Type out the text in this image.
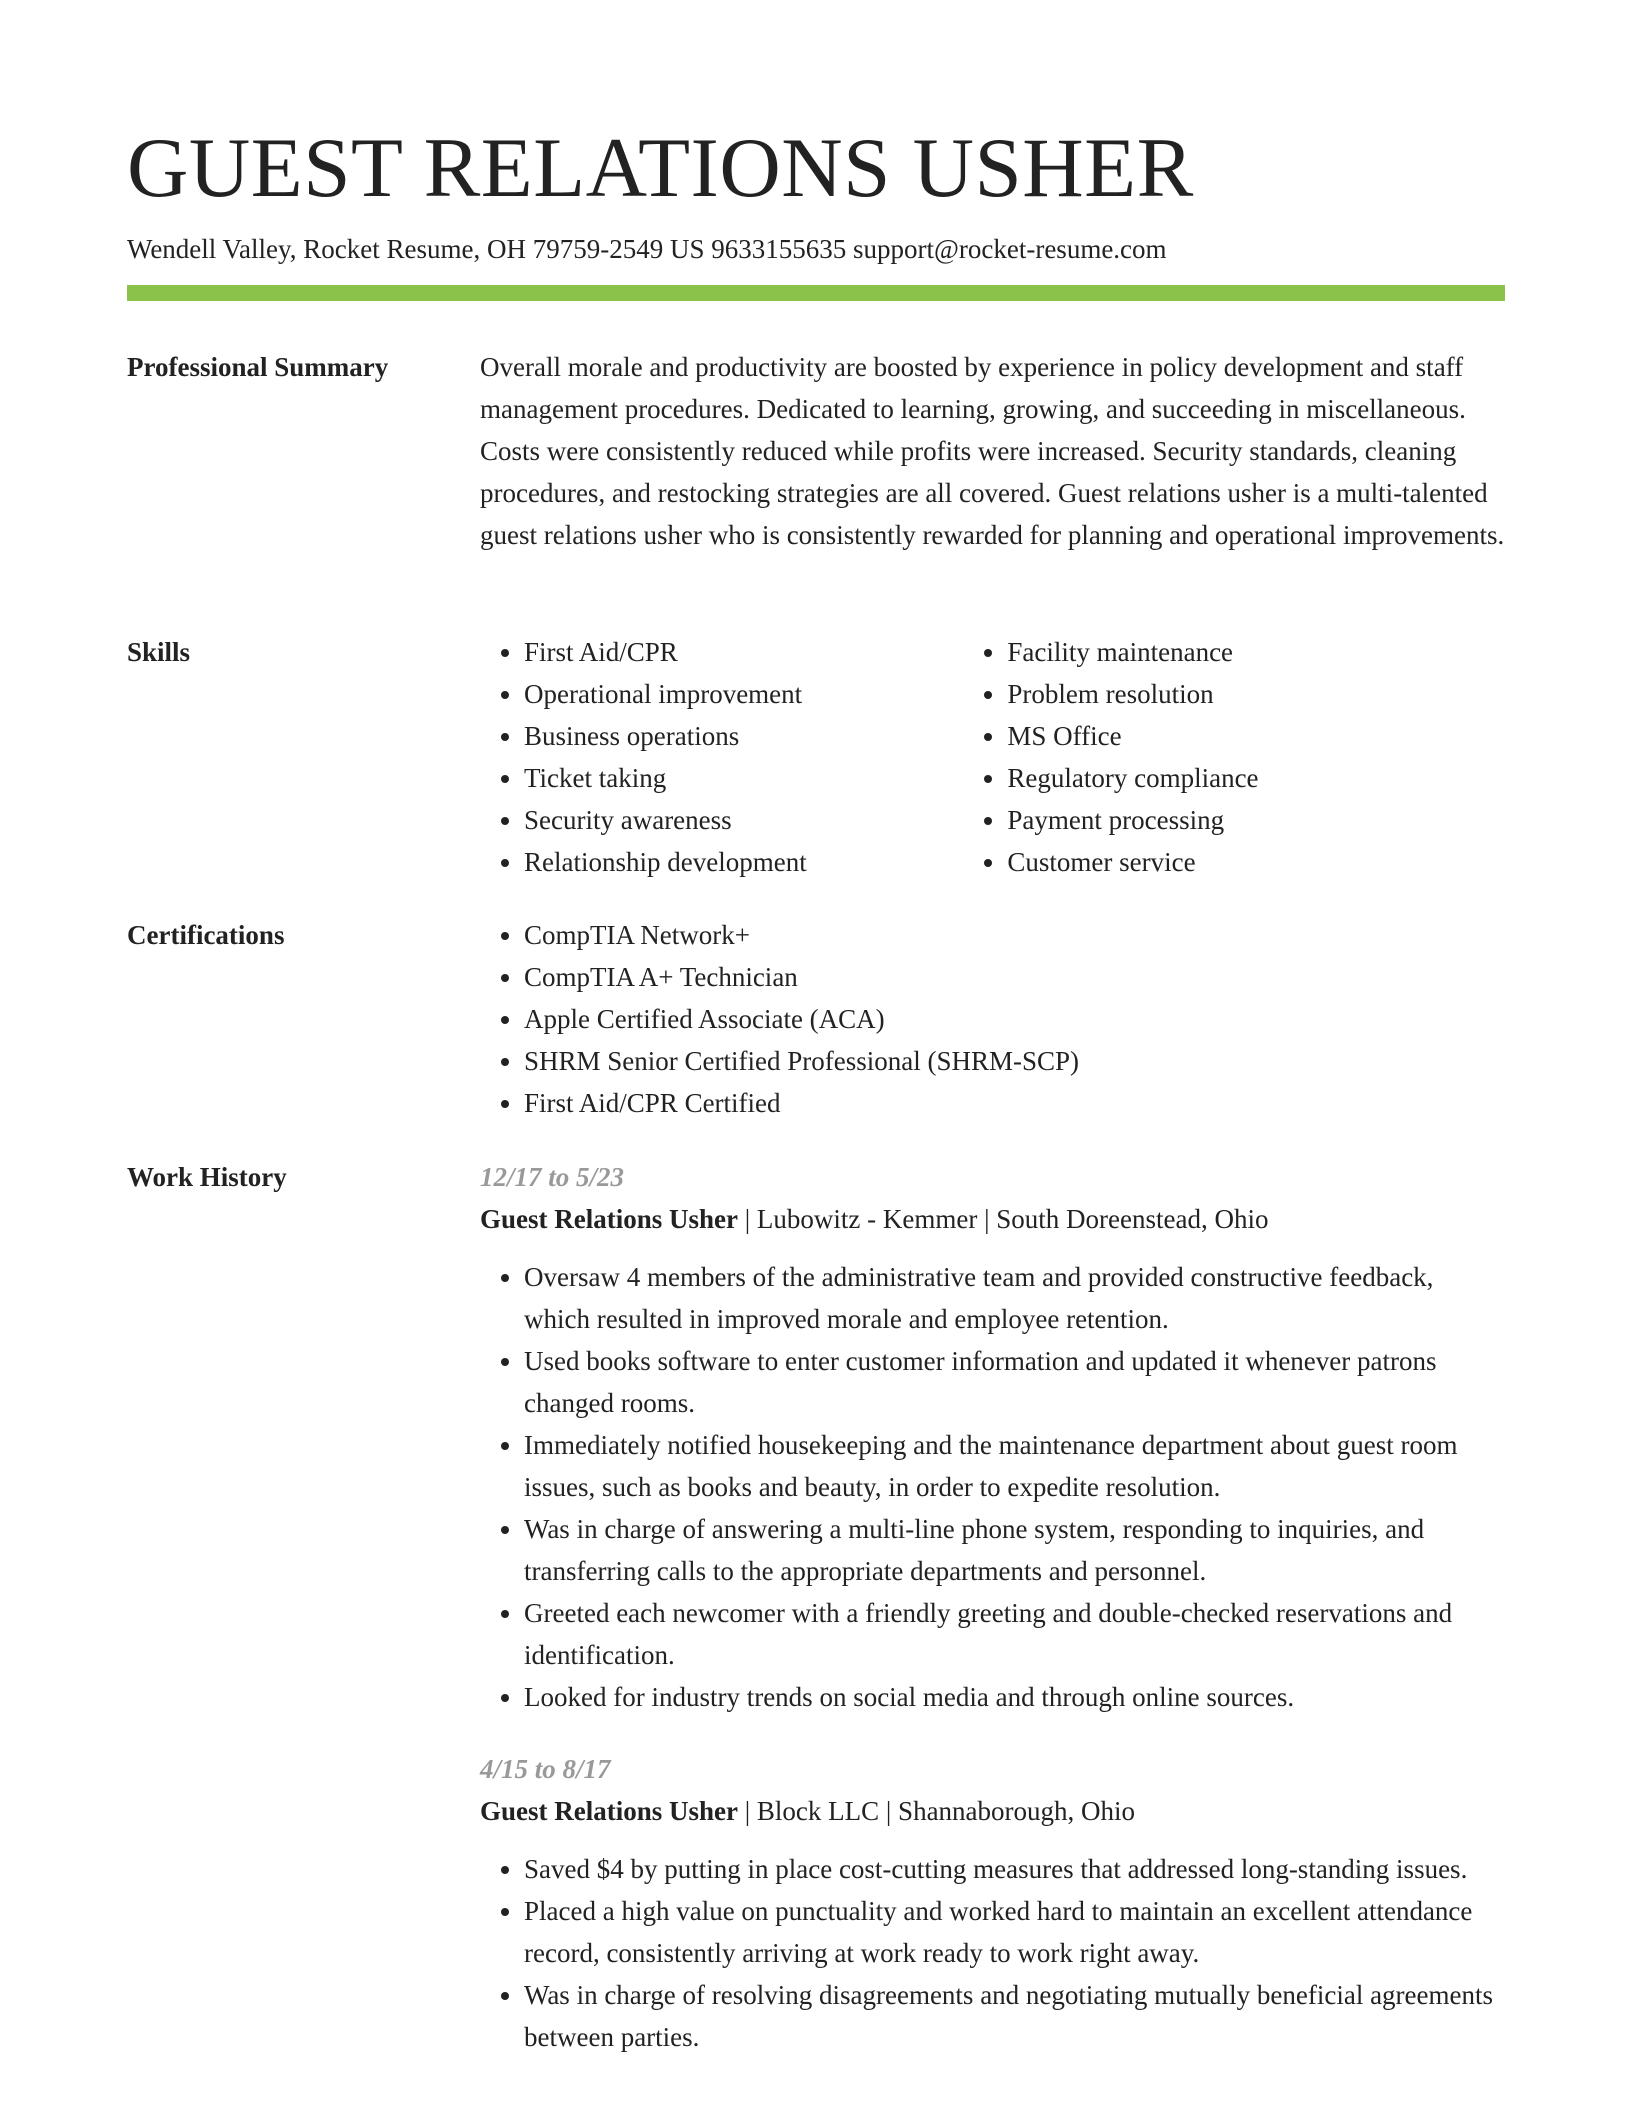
GUEST RELATIONS USHER
Wendell Valley, Rocket Resume, OH 79759-2549 US 9633155635 support@rocket-resume.com
Professional Summary	Overall morale and productivity are boosted by experience in policy development and staff management procedures. Dedicated to learning, growing, and succeeding in miscellaneous. Costs were consistently reduced while profits were increased. Security standards, cleaning procedures, and restocking strategies are all covered. Guest relations usher is a multi-talented guest relations usher who is consistently rewarded for planning and operational improvements.

Skills	• First Aid/CPR
• Operational improvement
• Business operations
• Ticket taking
• Security awareness
• Relationship development
• Facility maintenance
• Problem resolution
• MS Office
• Regulatory compliance
• Payment processing
• Customer service
Certifications	• CompTIA Network+
• CompTIA A+ Technician
• Apple Certified Associate (ACA)
• SHRM Senior Certified Professional (SHRM-SCP)
• First Aid/CPR Certified
Work History	12/17 to 5/23
Guest Relations Usher | Lubowitz - Kemmer | South Doreenstead, Ohio
• Oversaw 4 members of the administrative team and provided constructive feedback, which resulted in improved morale and employee retention.
• Used books software to enter customer information and updated it whenever patrons changed rooms.
• Immediately notified housekeeping and the maintenance department about guest room issues, such as books and beauty, in order to expedite resolution.
• Was in charge of answering a multi-line phone system, responding to inquiries, and transferring calls to the appropriate departments and personnel.
• Greeted each newcomer with a friendly greeting and double-checked reservations and identification.
• Looked for industry trends on social media and through online sources.
4/15 to 8/17
Guest Relations Usher | Block LLC | Shannaborough, Ohio
• Saved $4 by putting in place cost-cutting measures that addressed long-standing issues.
• Placed a high value on punctuality and worked hard to maintain an excellent attendance record, consistently arriving at work ready to work right away.
• Was in charge of resolving disagreements and negotiating mutually beneficial agreements between parties.
